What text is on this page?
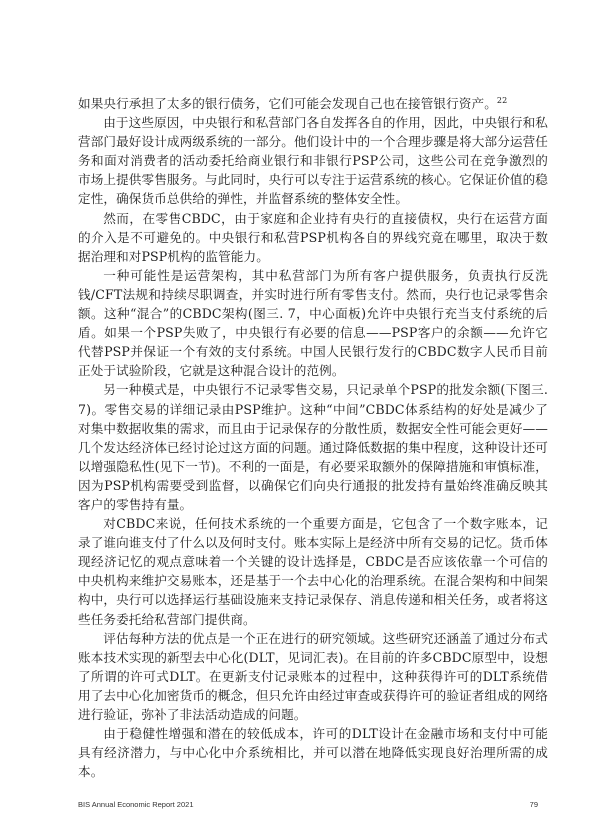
如果央行承担了太多的银行债务，它们可能会发现自己也在接管银行资产。$^{22}$

由于这些原因，中央银行和私营部门各自发挥各自的作用，因此，中央银行和私营部门最好设计成两级系统的一部分。他们设计中的一个合理步骤是将大部分运营任务和面对消费者的活动委托给商业银行和非银行PSP公司，这些公司在竞争激烈的市场上提供零售服务。与此同时，央行可以专注于运营系统的核心。它保证价值的稳定性，确保货币总供给的弹性，并监督系统的整体安全性。

然而，在零售CBDC，由于家庭和企业持有央行的直接债权，央行在运营方面的介入是不可避免的。中央银行和私营PSP机构各自的界线究竟在哪里，取决于数据治理和对PSP机构的监管能力。

一种可能性是运营架构，其中私营部门为所有客户提供服务，负责执行反洗钱/CFT法规和持续尽职调查，并实时进行所有零售支付。然而，央行也记录零售余额。这种“混合”的CBDC架构(图三. 7，中心面板)允许中央银行充当支付系统的后盾。如果一个PSP失败了，中央银行有必要的信息——PSP客户的余额——允许它代替PSP并保证一个有效的支付系统。中国人民银行发行的CBDC数字人民币目前正处于试验阶段，它就是这种混合设计的范例。

另一种模式是，中央银行不记录零售交易，只记录单个PSP的批发余额(下图三. 7)。零售交易的详细记录由PSP维护。这种“中间”CBDC体系结构的好处是减少了对集中数据收集的需求，而且由于记录保存的分散性质，数据安全性可能会更好——几个发达经济体已经讨论过这方面的问题。通过降低数据的集中程度，这种设计还可以增强隐私性(见下一节)。不利的一面是，有必要采取额外的保障措施和审慎标准，因为PSP机构需要受到监督，以确保它们向央行通报的批发持有量始终准确反映其客户的零售持有量。

对CBDC来说，任何技术系统的一个重要方面是，它包含了一个数字账本，记录了谁向谁支付了什么以及何时支付。账本实际上是经济中所有交易的记忆。货币体现经济记忆的观点意味着一个关键的设计选择是，CBDC是否应该依靠一个可信的中央机构来维护交易账本，还是基于一个去中心化的治理系统。在混合架构和中间架构中，央行可以选择运行基础设施来支持记录保存、消息传递和相关任务，或者将这些任务委托给私营部门提供商。

评估每种方法的优点是一个正在进行的研究领域。这些研究还涵盖了通过分布式账本技术实现的新型去中心化(DLT，见词汇表)。在目前的许多CBDC原型中，设想了所谓的许可式DLT。在更新支付记录账本的过程中，这种获得许可的DLT系统借用了去中心化加密货币的概念，但只允许由经过审查或获得许可的验证者组成的网络进行验证，弥补了非法活动造成的问题。

由于稳健性增强和潜在的较低成本，许可的DLT设计在金融市场和支付中可能具有经济潜力，与中心化中介系统相比，并可以潜在地降低实现良好治理所需的成本。

BIS Annual Economic Report 2021	79
